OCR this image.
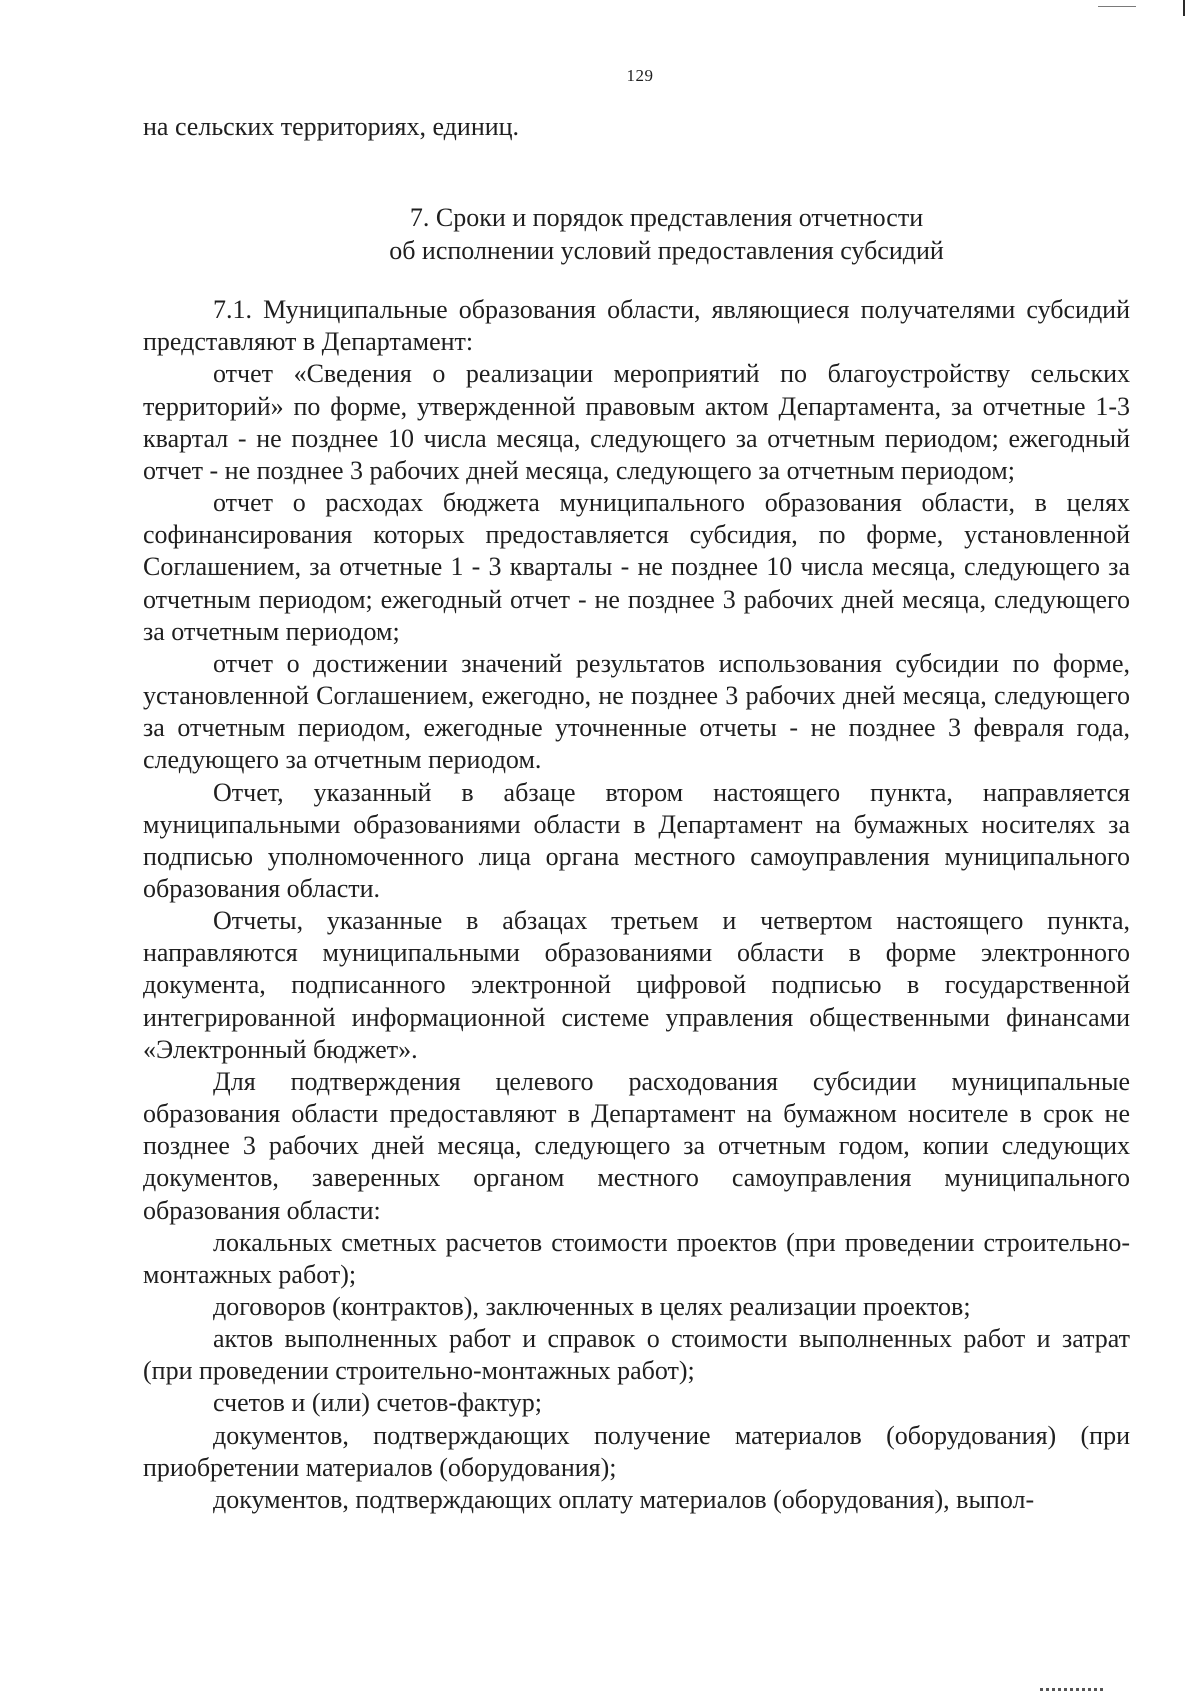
129

на сельских территориях, единиц.

7. Сроки и порядок представления отчетности
об исполнении условий предоставления субсидий

7.1. Муниципальные образования области, являющиеся получателями субсидий представляют в Департамент:

отчет «Сведения о реализации мероприятий по благоустройству сельских территорий» по форме, утвержденной правовым актом Департамента, за отчетные 1-3 квартал - не позднее 10 числа месяца, следующего за отчетным периодом; ежегодный отчет - не позднее 3 рабочих дней месяца, следующего за отчетным периодом;

отчет о расходах бюджета муниципального образования области, в целях софинансирования которых предоставляется субсидия, по форме, установленной Соглашением, за отчетные 1 - 3 кварталы - не позднее 10 числа месяца, следующего за отчетным периодом; ежегодный отчет - не позднее 3 рабочих дней месяца, следующего за отчетным периодом;

отчет о достижении значений результатов использования субсидии по форме, установленной Соглашением, ежегодно, не позднее 3 рабочих дней месяца, следующего за отчетным периодом, ежегодные уточненные отчеты - не позднее 3 февраля года, следующего за отчетным периодом.

Отчет, указанный в абзаце втором настоящего пункта, направляется муниципальными образованиями области в Департамент на бумажных носителях за подписью уполномоченного лица органа местного самоуправления муниципального образования области.

Отчеты, указанные в абзацах третьем и четвертом настоящего пункта, направляются муниципальными образованиями области в форме электронного документа, подписанного электронной цифровой подписью в государственной интегрированной информационной системе управления общественными финансами «Электронный бюджет».

Для подтверждения целевого расходования субсидии муниципальные образования области предоставляют в Департамент на бумажном носителе в срок не позднее 3 рабочих дней месяца, следующего за отчетным годом, копии следующих документов, заверенных органом местного самоуправления муниципального образования области:

локальных сметных расчетов стоимости проектов (при проведении строительно-монтажных работ);

договоров (контрактов), заключенных в целях реализации проектов;

актов выполненных работ и справок о стоимости выполненных работ и затрат (при проведении строительно-монтажных работ);

счетов и (или) счетов-фактур;

документов, подтверждающих получение материалов (оборудования) (при приобретении материалов (оборудования);

документов, подтверждающих оплату материалов (оборудования), выпол-
